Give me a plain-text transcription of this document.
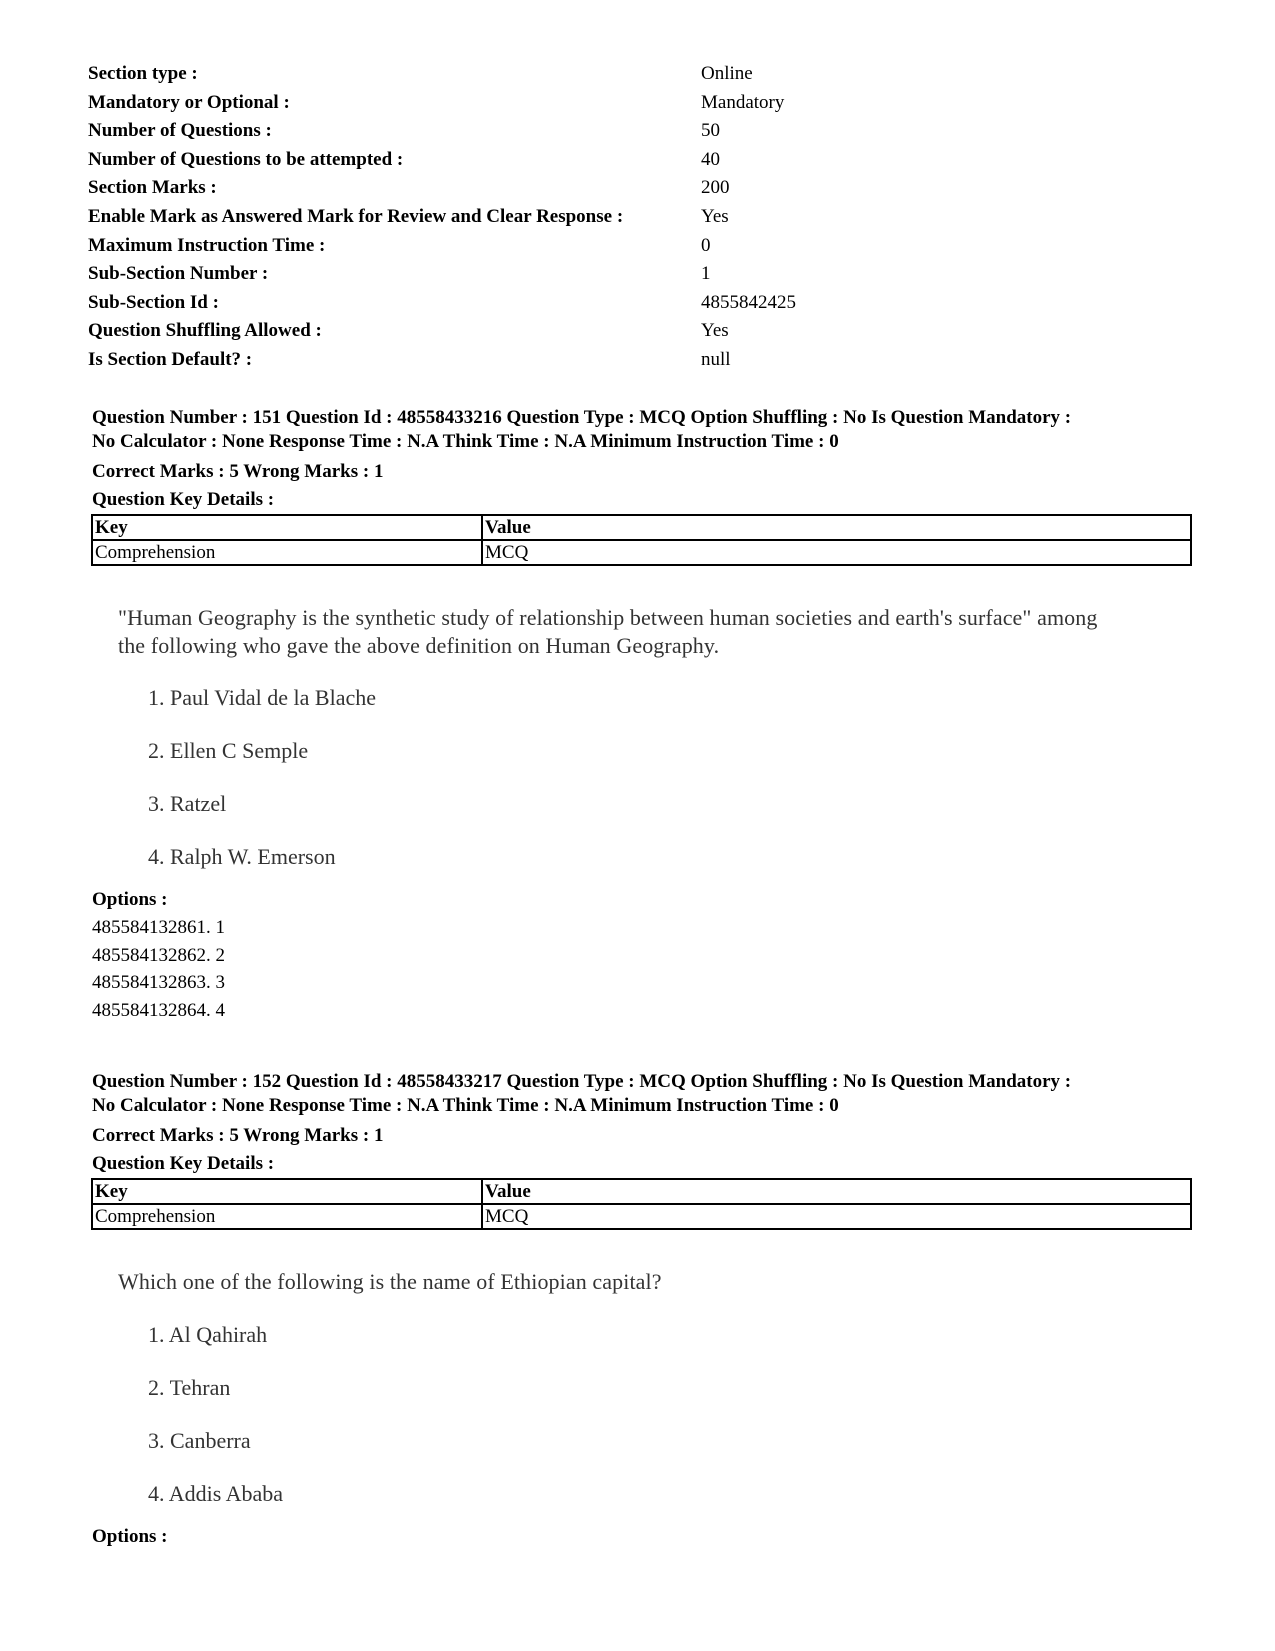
Section type :	Online
Mandatory or Optional :	Mandatory
Number of Questions :	50
Number of Questions to be attempted :	40
Section Marks :	200
Enable Mark as Answered Mark for Review and Clear Response :	Yes
Maximum Instruction Time :	0
Sub-Section Number :	1
Sub-Section Id :	4855842425
Question Shuffling Allowed :	Yes
Is Section Default? :	null
Question Number : 151 Question Id : 48558433216 Question Type : MCQ Option Shuffling : No Is Question Mandatory :
No Calculator : None Response Time : N.A Think Time : N.A Minimum Instruction Time : 0
Correct Marks : 5 Wrong Marks : 1
Question Key Details :
Key	Value
Comprehension	MCQ
"Human Geography is the synthetic study of relationship between human societies and earth's surface" among
the following who gave the above definition on Human Geography.
1. Paul Vidal de la Blache
2. Ellen C Semple
3. Ratzel
4. Ralph W. Emerson
Options :
485584132861. 1
485584132862. 2
485584132863. 3
485584132864. 4
Question Number : 152 Question Id : 48558433217 Question Type : MCQ Option Shuffling : No Is Question Mandatory :
No Calculator : None Response Time : N.A Think Time : N.A Minimum Instruction Time : 0
Correct Marks : 5 Wrong Marks : 1
Question Key Details :
Key	Value
Comprehension	MCQ
Which one of the following is the name of Ethiopian capital?
1. Al Qahirah
2. Tehran
3. Canberra
4. Addis Ababa
Options :
